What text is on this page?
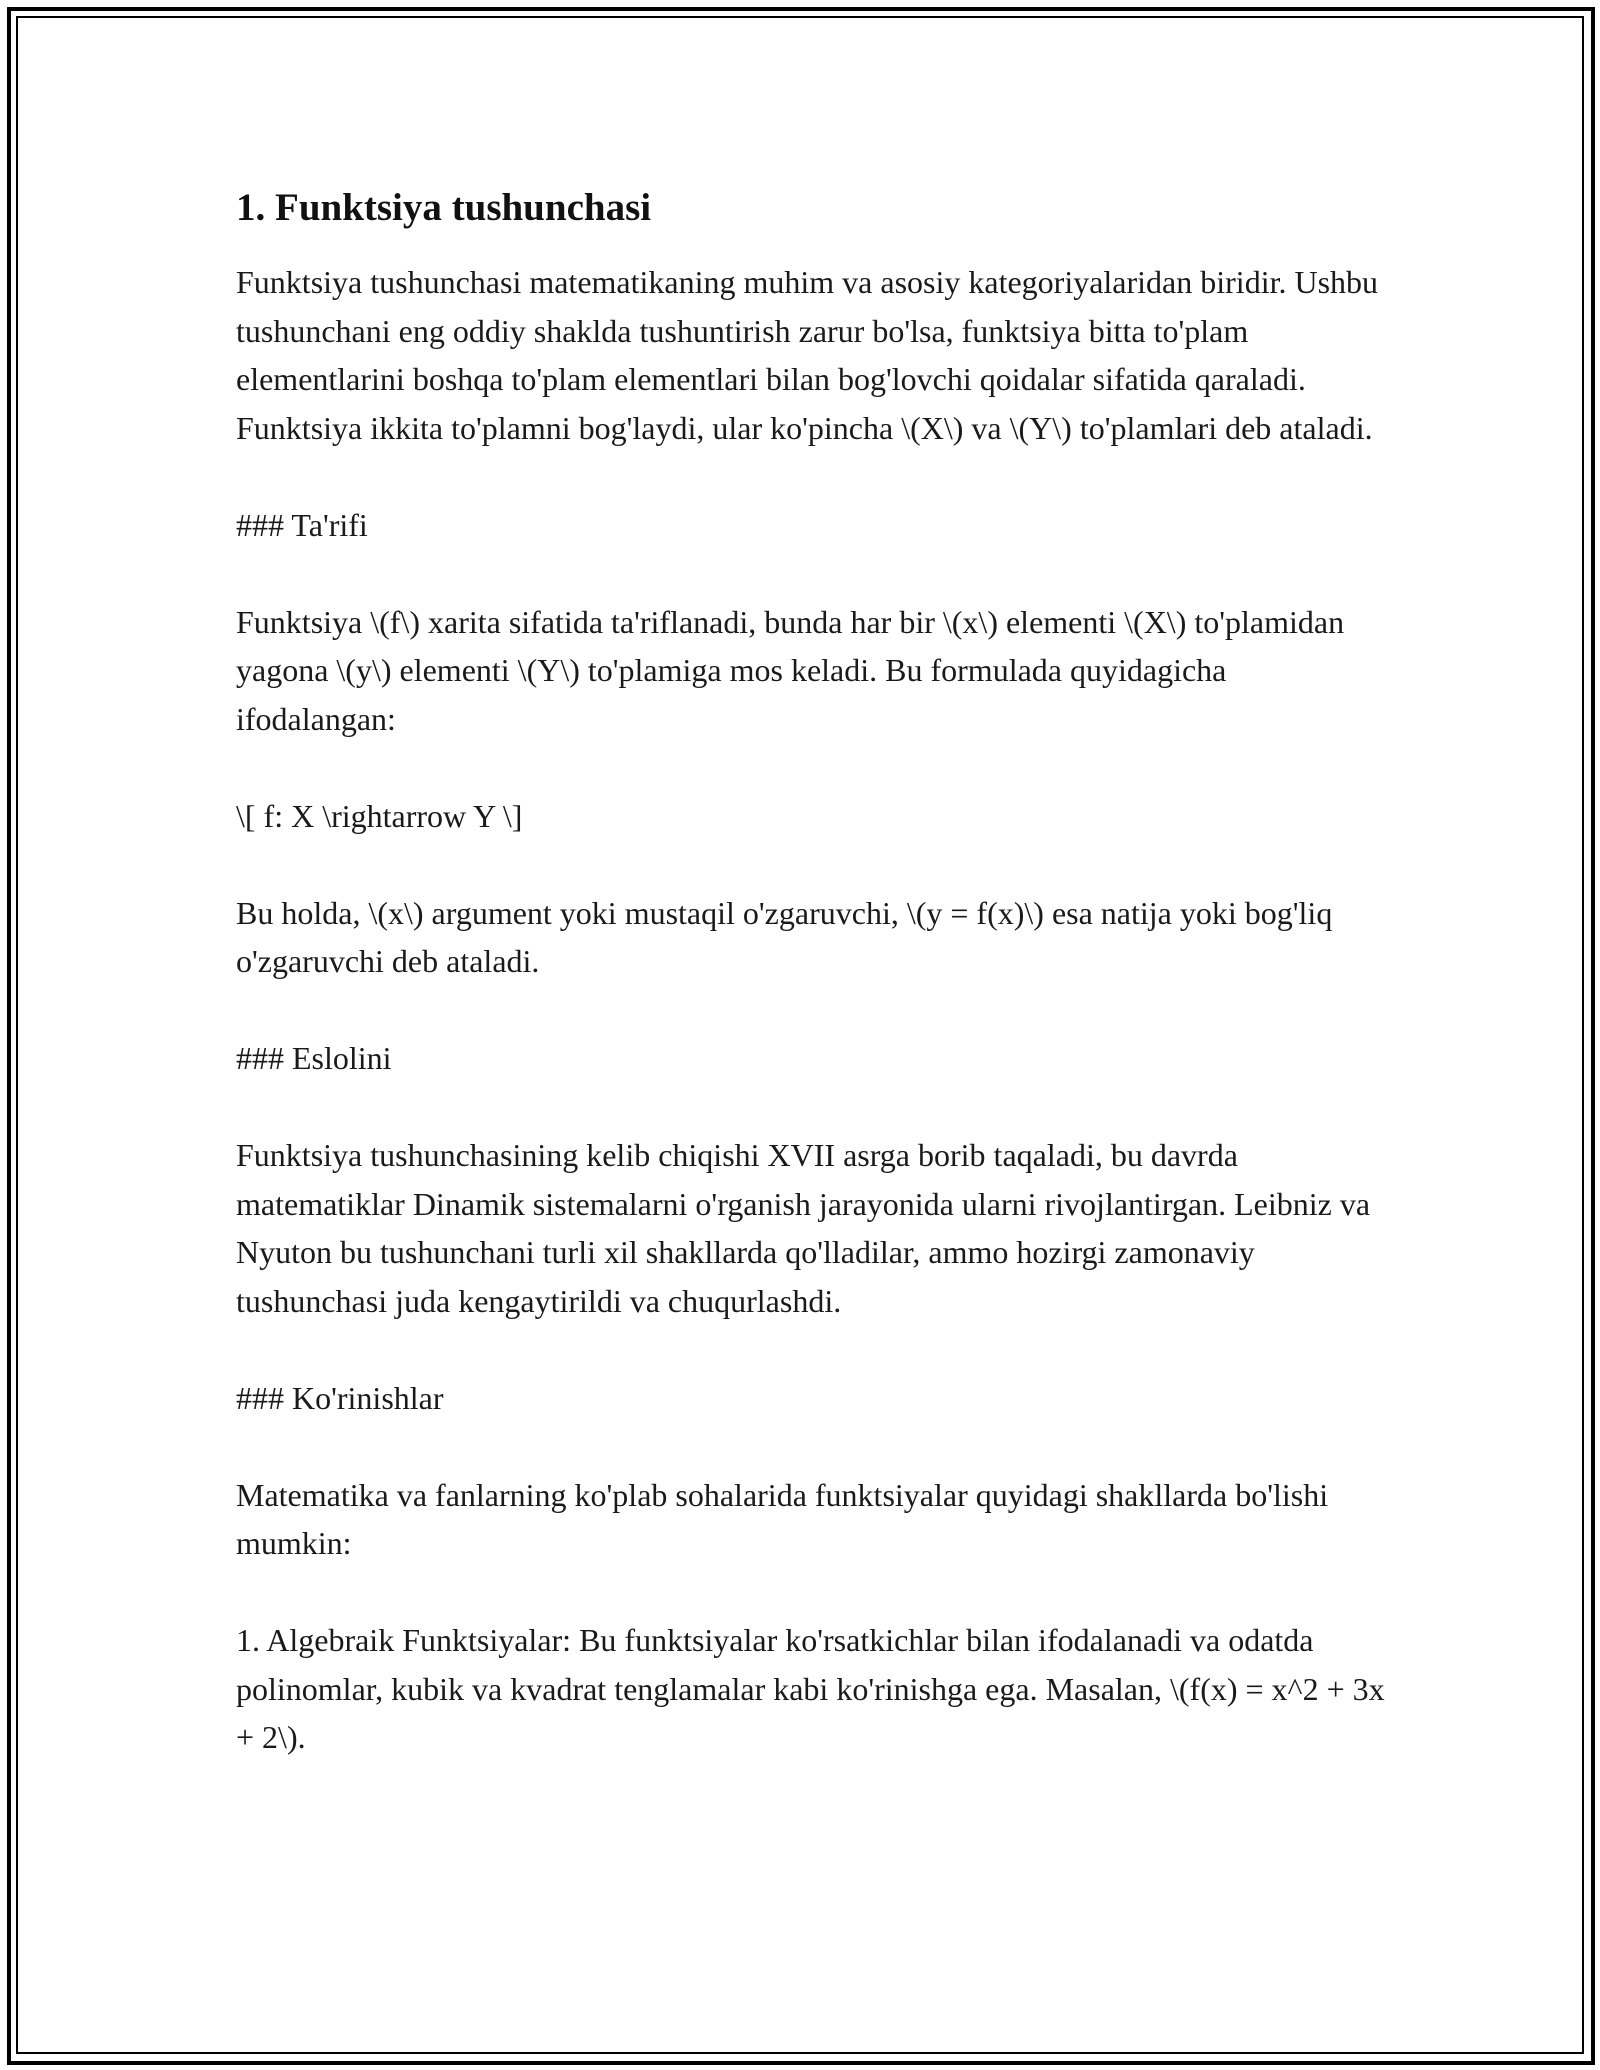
1. Funktsiya tushunchasi

Funktsiya tushunchasi matematikaning muhim va asosiy kategoriyalaridan biridir. Ushbu tushunchani eng oddiy shaklda tushuntirish zarur bo'lsa, funktsiya bitta to'plam elementlarini boshqa to'plam elementlari bilan bog'lovchi qoidalar sifatida qaraladi. Funktsiya ikkita to'plamni bog'laydi, ular ko'pincha \(X\) va \(Y\) to'plamlari deb ataladi.

### Ta'rifi

Funktsiya \(f\) xarita sifatida ta'riflanadi, bunda har bir \(x\) elementi \(X\) to'plamidan yagona \(y\) elementi \(Y\) to'plamiga mos keladi. Bu formulada quyidagicha ifodalangan:

\[ f: X \rightarrow Y \]

Bu holda, \(x\) argument yoki mustaqil o'zgaruvchi, \(y = f(x)\) esa natija yoki bog'liq o'zgaruvchi deb ataladi.

### Eslolini

Funktsiya tushunchasining kelib chiqishi XVII asrga borib taqaladi, bu davrda matematiklar Dinamik sistemalarni o'rganish jarayonida ularni rivojlantirgan. Leibniz va Nyuton bu tushunchani turli xil shakllarda qo'lladilar, ammo hozirgi zamonaviy tushunchasi juda kengaytirildi va chuqurlashdi.

### Ko'rinishlar

Matematika va fanlarning ko'plab sohalarida funktsiyalar quyidagi shakllarda bo'lishi mumkin:

1. Algebraik Funktsiyalar: Bu funktsiyalar ko'rsatkichlar bilan ifodalanadi va odatda polinomlar, kubik va kvadrat tenglamalar kabi ko'rinishga ega. Masalan, \(f(x) = x^2 + 3x + 2\).
